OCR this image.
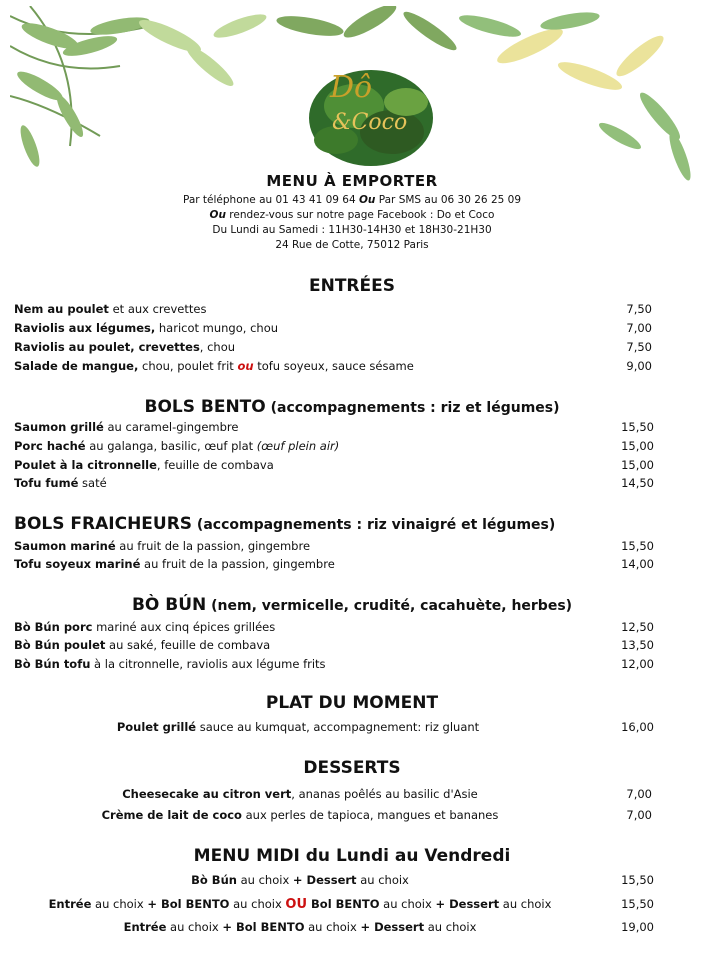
Dô
&Coco
MENU À EMPORTER
Par téléphone au 01 43 41 09 64 Ou Par SMS au 06 30 26 25 09
Ou rendez-vous sur notre page Facebook : Do et Coco
Du Lundi au Samedi : 11H30-14H30 et 18H30-21H30
24 Rue de Cotte, 75012 Paris
ENTRÉES
Nem au poulet et aux crevettes	7,50
Raviolis aux légumes, haricot mungo, chou	7,00
Raviolis au poulet, crevettes, chou	7,50
Salade de mangue, chou, poulet frit ou tofu soyeux, sauce sésame	9,00
BOLS BENTO (accompagnements : riz et légumes)
Saumon grillé au caramel-gingembre	15,50
Porc haché au galanga, basilic, œuf plat (œuf plein air)	15,00
Poulet à la citronnelle, feuille de combava	15,00
Tofu fumé saté	14,50
BOLS FRAICHEURS (accompagnements : riz vinaigré et légumes)
Saumon mariné au fruit de la passion, gingembre	15,50
Tofu soyeux mariné au fruit de la passion, gingembre	14,00
BÒ BÚN (nem, vermicelle, crudité, cacahuète, herbes)
Bò Bún porc mariné aux cinq épices grillées	12,50
Bò Bún poulet au saké, feuille de combava	13,50
Bò Bún tofu à la citronnelle, raviolis aux légume frits	12,00
PLAT DU MOMENT
Poulet grillé sauce au kumquat, accompagnement: riz gluant	16,00
DESSERTS
Cheesecake au citron vert, ananas poêlés au basilic d'Asie	7,00
Crème de lait de coco aux perles de tapioca, mangues et bananes	7,00
MENU MIDI du Lundi au Vendredi
Bò Bún au choix + Dessert au choix	15,50
Entrée au choix + Bol BENTO au choix OU Bol BENTO au choix + Dessert au choix	15,50
Entrée au choix + Bol BENTO au choix + Dessert au choix	19,00
